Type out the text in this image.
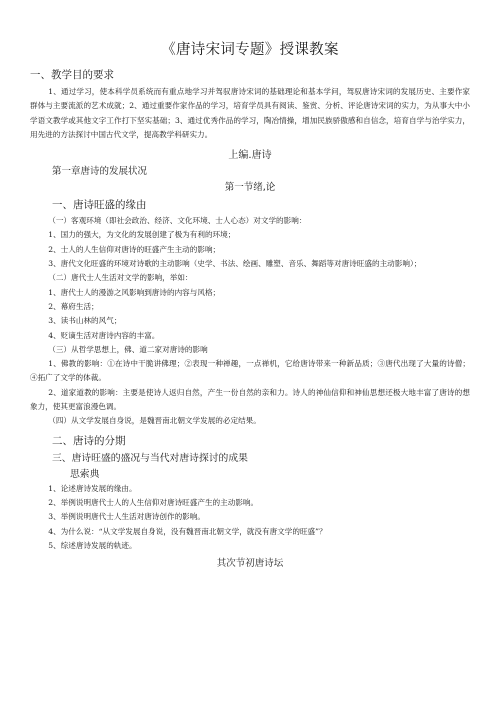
《唐诗宋词专题》授课教案
一、教学目的要求

1、通过学习，使本科学员系统而有重点地学习并驾驭唐诗宋词的基础理论和基本学问，驾驭唐诗宋词的发展历史、主要作家群体与主要流派的艺术成就；2、通过重要作家作品的学习，培育学员具有阅读、鉴赏、分析、评论唐诗宋词的实力，为从事大中小学语文教学或其他文字工作打下坚实基础；3、通过优秀作品的学习，陶冶情操，增加民族骄傲感和自信念，培育自学与治学实力，用先进的方法探讨中国古代文学，提高教学科研实力。

上编.唐诗
第一章唐诗的发展状况
第一节绪,论
一、唐诗旺盛的缘由

（一）客观环境（即社会政治、经济、文化环境、士人心态）对文学的影响：

1、国力的强大，为文化的发展创建了极为有利的环境；

2、士人的人生信仰对唐诗的旺盛产生主动的影响；

3、唐代文化旺盛的环境对诗歌的主动影响（史学、书法、绘画、雕塑、音乐、舞蹈等对唐诗旺盛的主动影响）；

（二）唐代士人生活对文学的影响，举如：

1、唐代士人的漫游之风影响到唐诗的内容与风格；

2、幕府生活；

3、读书山林的风气；

4、贬谪生活对唐诗内容的丰富。

（三）从哲学思想上，佛、道二家对唐诗的影响

1、佛教的影响：①在诗中干脆讲佛理；②表现一种禅趣，一点禅机，它给唐诗带来一种新品质；③唐代出现了大量的诗僧；④拓广了文学的体裁。

2、道家道教的影响：主要是使诗人返归自然，产生一份自然的亲和力。诗人的神仙信仰和神仙思想还极大地丰富了唐诗的想象力，使其更富浪漫色调。

（四）从文学发展自身说，是魏晋南北朝文学发展的必定结果。

二、唐诗的分期
三、唐诗旺盛的盛况与当代对唐诗探讨的成果
思索典

1、论述唐诗发展的缘由。

2、举例说明唐代士人的人生信仰对唐诗旺盛产生的主动影响。

3、举例说明唐代士人生活对唐诗创作的影响。

4、为什么说：“从文学发展自身说，没有魏晋南北朝文学，就没有唐文学的旺盛”？

5、综述唐诗发展的轨迹。

其次节初唐诗坛
